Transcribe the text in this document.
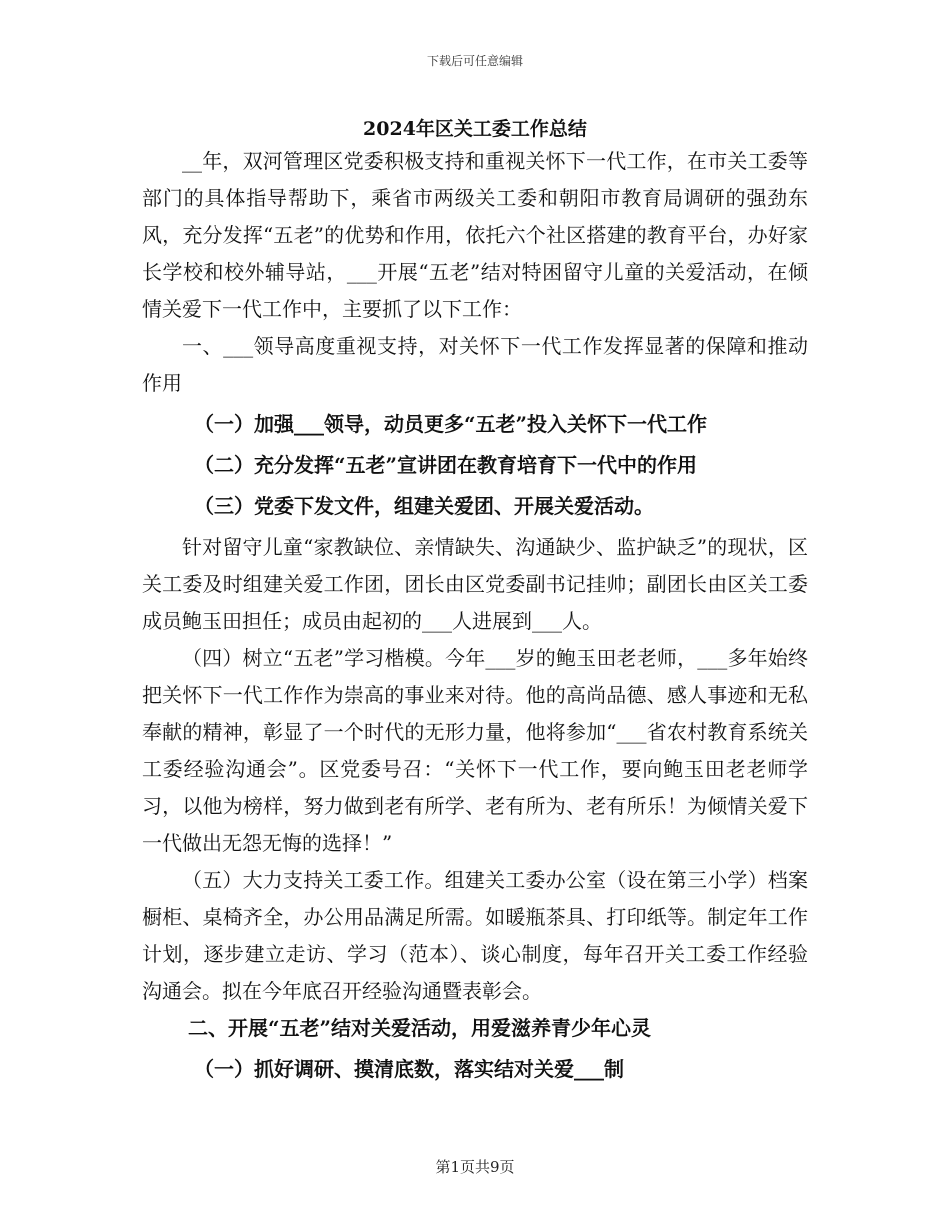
下载后可任意编辑
2024年区关工委工作总结

__年，双河管理区党委积极支持和重视关怀下一代工作，在市关工委等部门的具体指导帮助下，乘省市两级关工委和朝阳市教育局调研的强劲东风，充分发挥“五老”的优势和作用，依托六个社区搭建的教育平台，办好家长学校和校外辅导站，___开展“五老”结对特困留守儿童的关爱活动，在倾情关爱下一代工作中，主要抓了以下工作：

一、___领导高度重视支持，对关怀下一代工作发挥显著的保障和推动作用

（一）加强___领导，动员更多“五老”投入关怀下一代工作

（二）充分发挥“五老”宣讲团在教育培育下一代中的作用

（三）党委下发文件，组建关爱团、开展关爱活动。

针对留守儿童“家教缺位、亲情缺失、沟通缺少、监护缺乏”的现状，区关工委及时组建关爱工作团，团长由区党委副书记挂帅；副团长由区关工委成员鲍玉田担任；成员由起初的___人进展到___人。

（四）树立“五老”学习楷模。今年___岁的鲍玉田老老师，___多年始终把关怀下一代工作作为崇高的事业来对待。他的高尚品德、感人事迹和无私奉献的精神，彰显了一个时代的无形力量，他将参加“___省农村教育系统关工委经验沟通会”。区党委号召：“关怀下一代工作，要向鲍玉田老老师学习，以他为榜样，努力做到老有所学、老有所为、老有所乐！为倾情关爱下一代做出无怨无悔的选择！”

（五）大力支持关工委工作。组建关工委办公室（设在第三小学）档案橱柜、桌椅齐全，办公用品满足所需。如暖瓶茶具、打印纸等。制定年工作计划，逐步建立走访、学习（范本）、谈心制度，每年召开关工委工作经验沟通会。拟在今年底召开经验沟通暨表彰会。

二、开展“五老”结对关爱活动，用爱滋养青少年心灵

（一）抓好调研、摸清底数，落实结对关爱___制

第1页共9页
